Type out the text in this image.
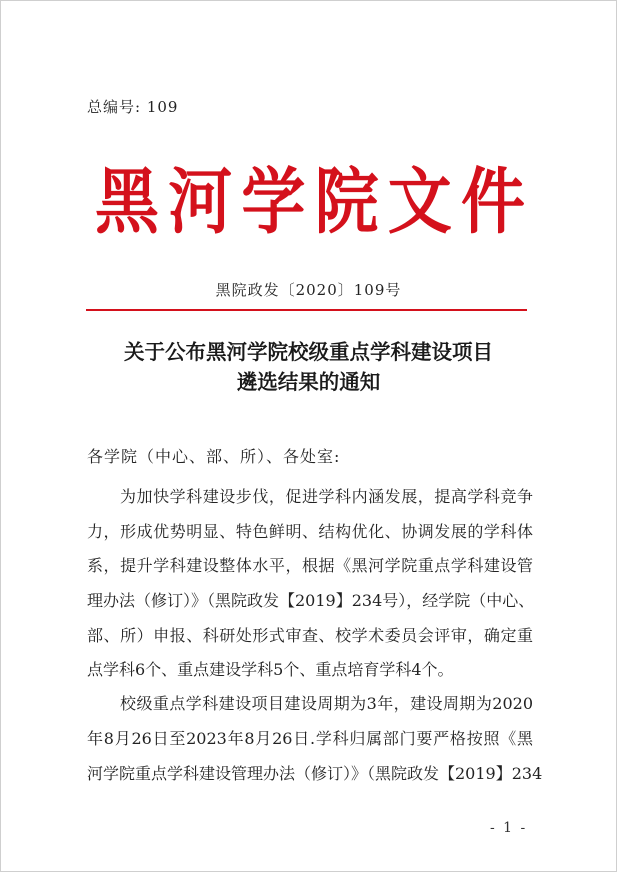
总编号: 109
黑 河 学 院 文 件
黑院政发〔2020〕109号
关于公布黑河学院校级重点学科建设项目
遴选结果的通知
各学院（中心、部、所）、各处室:
为加快学科建设步伐，促进学科内涵发展，提高学科竞争
力，形成优势明显、特色鲜明、结构优化、协调发展的学科体
系，提升学科建设整体水平，根据《黑河学院重点学科建设管
理办法（修订）》（黑院政发【2019】234号），经学院（中心、
部、所）申报、科研处形式审查、校学术委员会评审，确定重
点学科6个、重点建设学科5个、重点培育学科4个。
校级重点学科建设项目建设周期为3年，建设周期为2020
年8月26日至2023年8月26日.学科归属部门要严格按照《黑
河学院重点学科建设管理办法（修订）》（黑院政发【2019】234
- 1 -
